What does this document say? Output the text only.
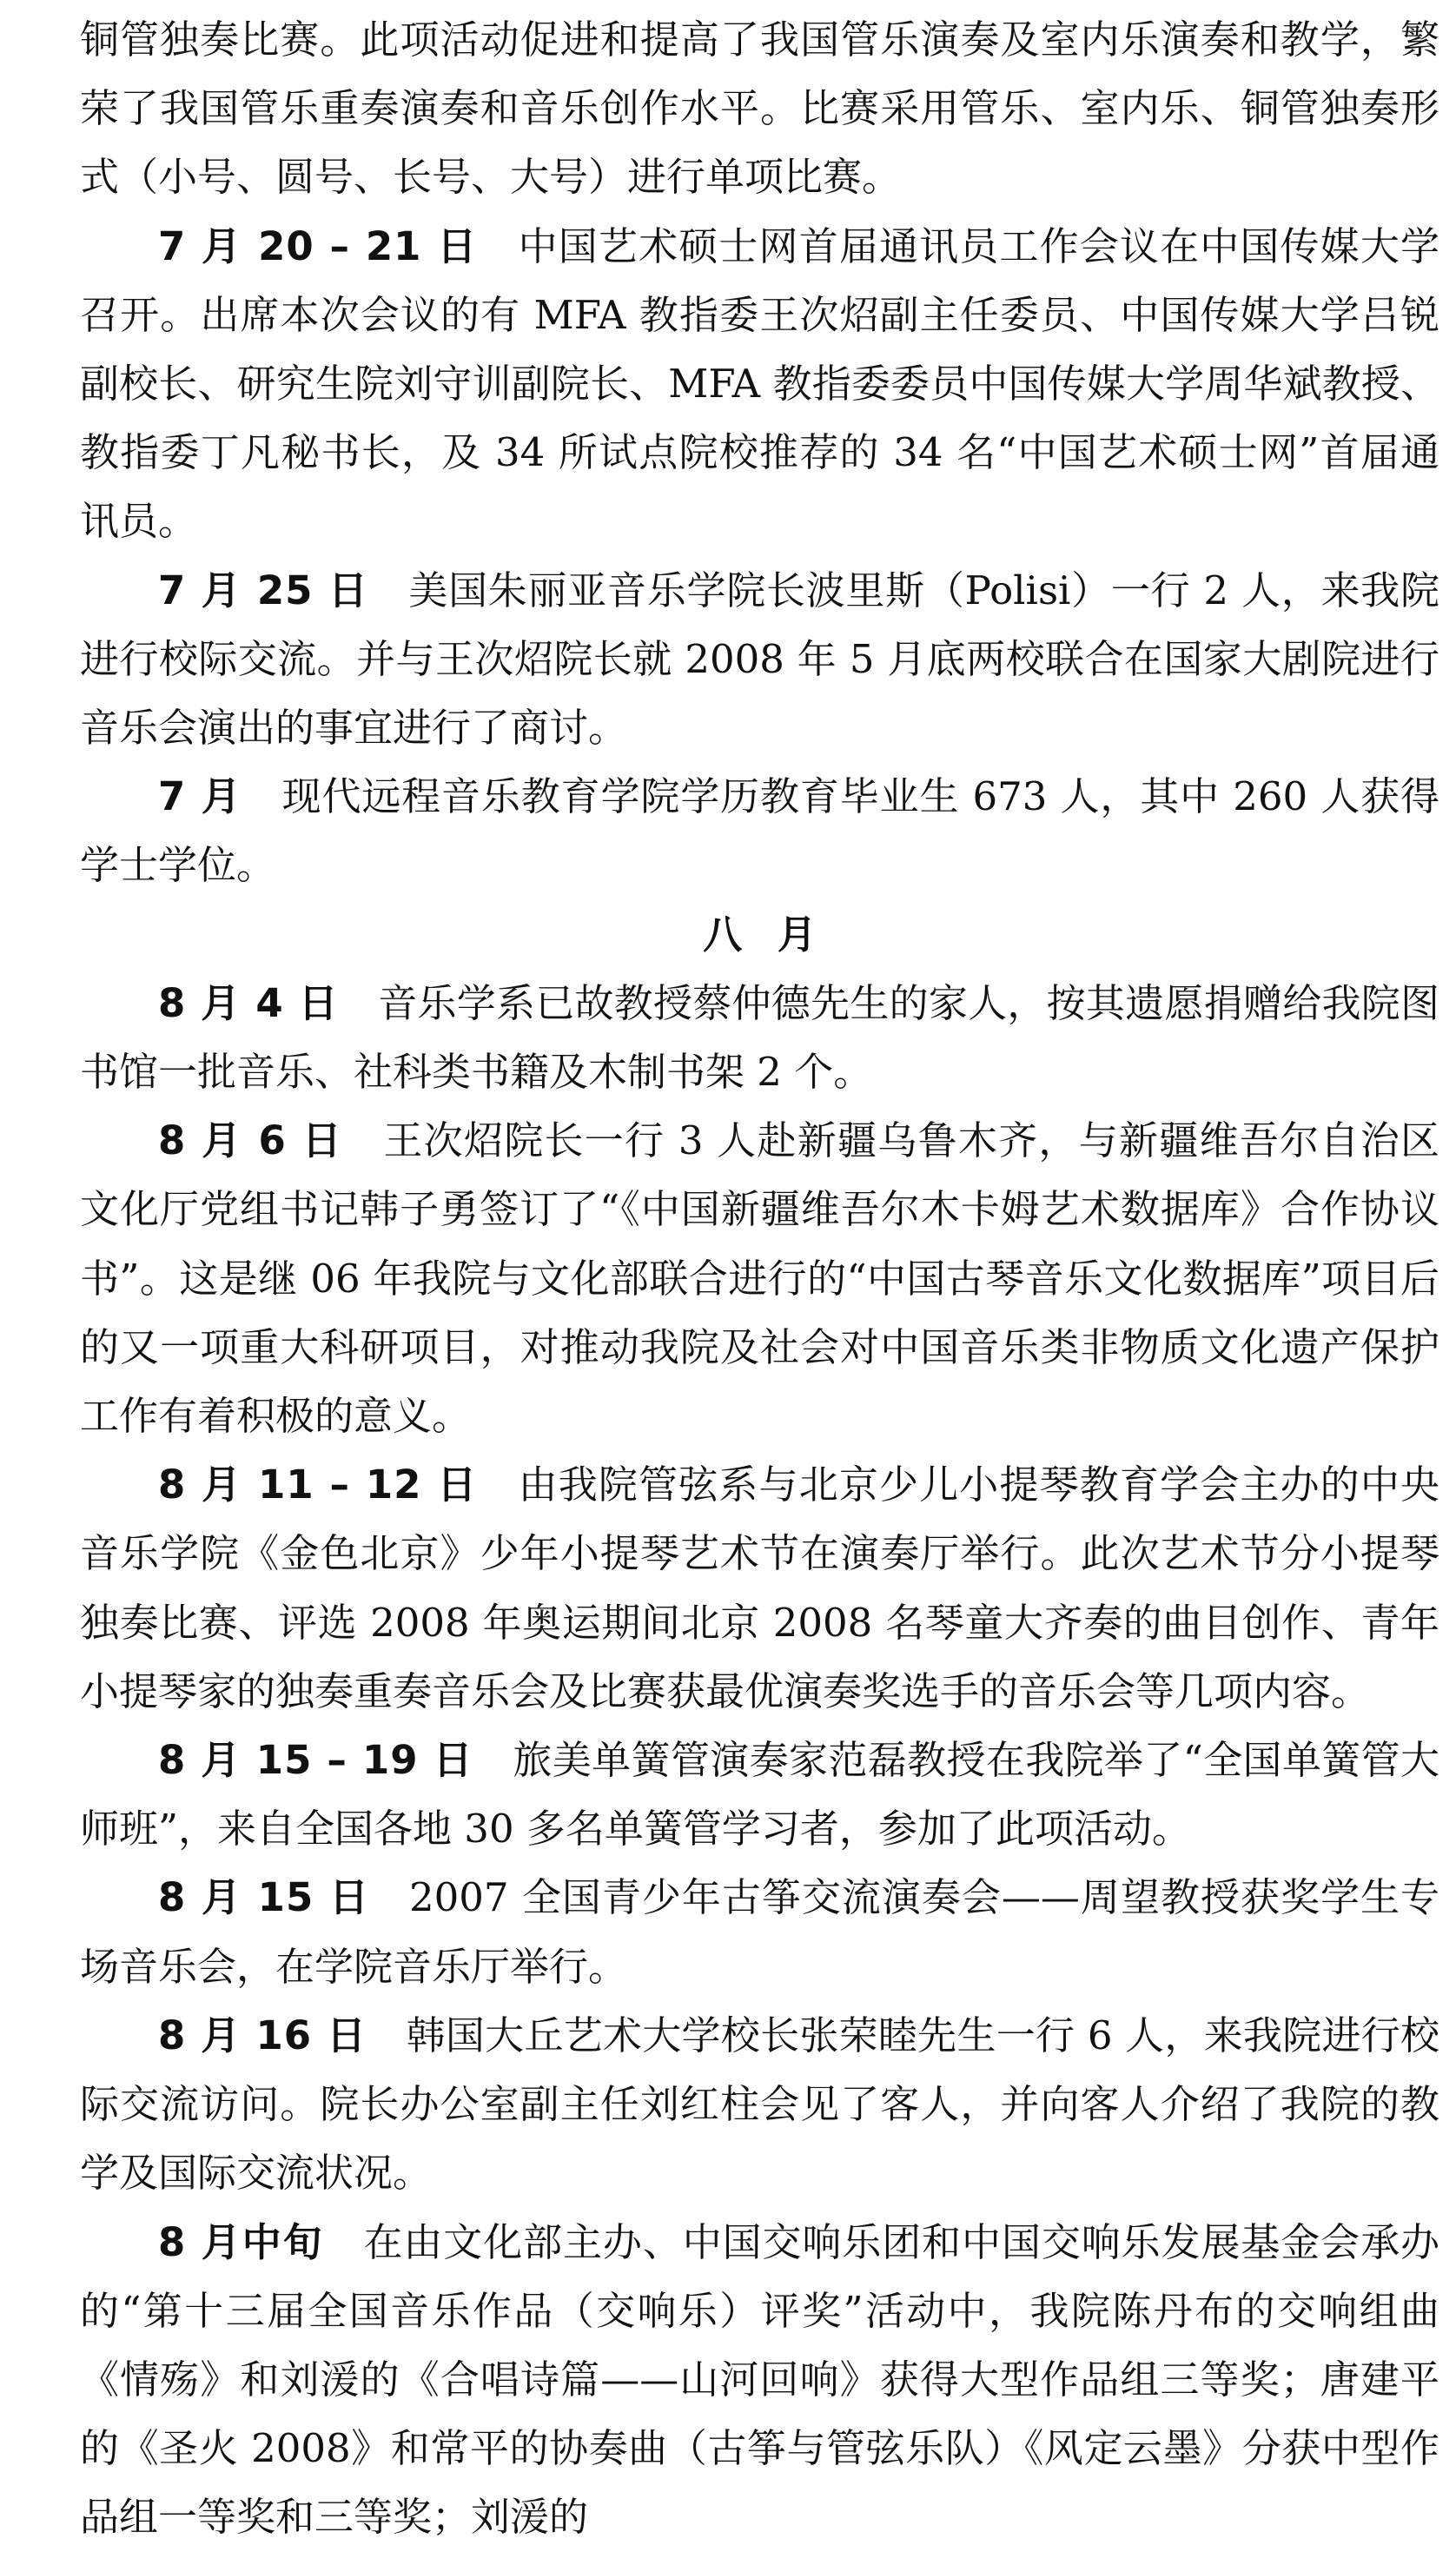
铜管独奏比赛。此项活动促进和提高了我国管乐演奏及室内乐演奏和教学，繁荣了我国管乐重奏演奏和音乐创作水平。比赛采用管乐、室内乐、铜管独奏形式（小号、圆号、长号、大号）进行单项比赛。

7 月 20 – 21 日 中国艺术硕士网首届通讯员工作会议在中国传媒大学召开。出席本次会议的有 MFA 教指委王次炤副主任委员、中国传媒大学吕锐副校长、研究生院刘守训副院长、MFA 教指委委员中国传媒大学周华斌教授、教指委丁凡秘书长，及 34 所试点院校推荐的 34 名“中国艺术硕士网”首届通讯员。

7 月 25 日 美国朱丽亚音乐学院长波里斯（Polisi）一行 2 人，来我院进行校际交流。并与王次炤院长就 2008 年 5 月底两校联合在国家大剧院进行音乐会演出的事宜进行了商讨。

7 月 现代远程音乐教育学院学历教育毕业生 673 人，其中 260 人获得学士学位。

八月

8 月 4 日 音乐学系已故教授蔡仲德先生的家人，按其遗愿捐赠给我院图书馆一批音乐、社科类书籍及木制书架 2 个。

8 月 6 日 王次炤院长一行 3 人赴新疆乌鲁木齐，与新疆维吾尔自治区文化厅党组书记韩子勇签订了“《中国新疆维吾尔木卡姆艺术数据库》合作协议书”。这是继 06 年我院与文化部联合进行的“中国古琴音乐文化数据库”项目后的又一项重大科研项目，对推动我院及社会对中国音乐类非物质文化遗产保护工作有着积极的意义。

8 月 11 – 12 日 由我院管弦系与北京少儿小提琴教育学会主办的中央音乐学院《金色北京》少年小提琴艺术节在演奏厅举行。此次艺术节分小提琴独奏比赛、评选 2008 年奥运期间北京 2008 名琴童大齐奏的曲目创作、青年小提琴家的独奏重奏音乐会及比赛获最优演奏奖选手的音乐会等几项内容。

8 月 15 – 19 日 旅美单簧管演奏家范磊教授在我院举了“全国单簧管大师班”，来自全国各地 30 多名单簧管学习者，参加了此项活动。

8 月 15 日 2007 全国青少年古筝交流演奏会——周望教授获奖学生专场音乐会，在学院音乐厅举行。

8 月 16 日 韩国大丘艺术大学校长张荣睦先生一行 6 人，来我院进行校际交流访问。院长办公室副主任刘红柱会见了客人，并向客人介绍了我院的教学及国际交流状况。

8 月中旬 在由文化部主办、中国交响乐团和中国交响乐发展基金会承办的“第十三届全国音乐作品（交响乐）评奖”活动中，我院陈丹布的交响组曲《情殇》和刘湲的《合唱诗篇——山河回响》获得大型作品组三等奖；唐建平的《圣火 2008》和常平的协奏曲（古筝与管弦乐队）《风定云墨》分获中型作品组一等奖和三等奖；刘湲的
